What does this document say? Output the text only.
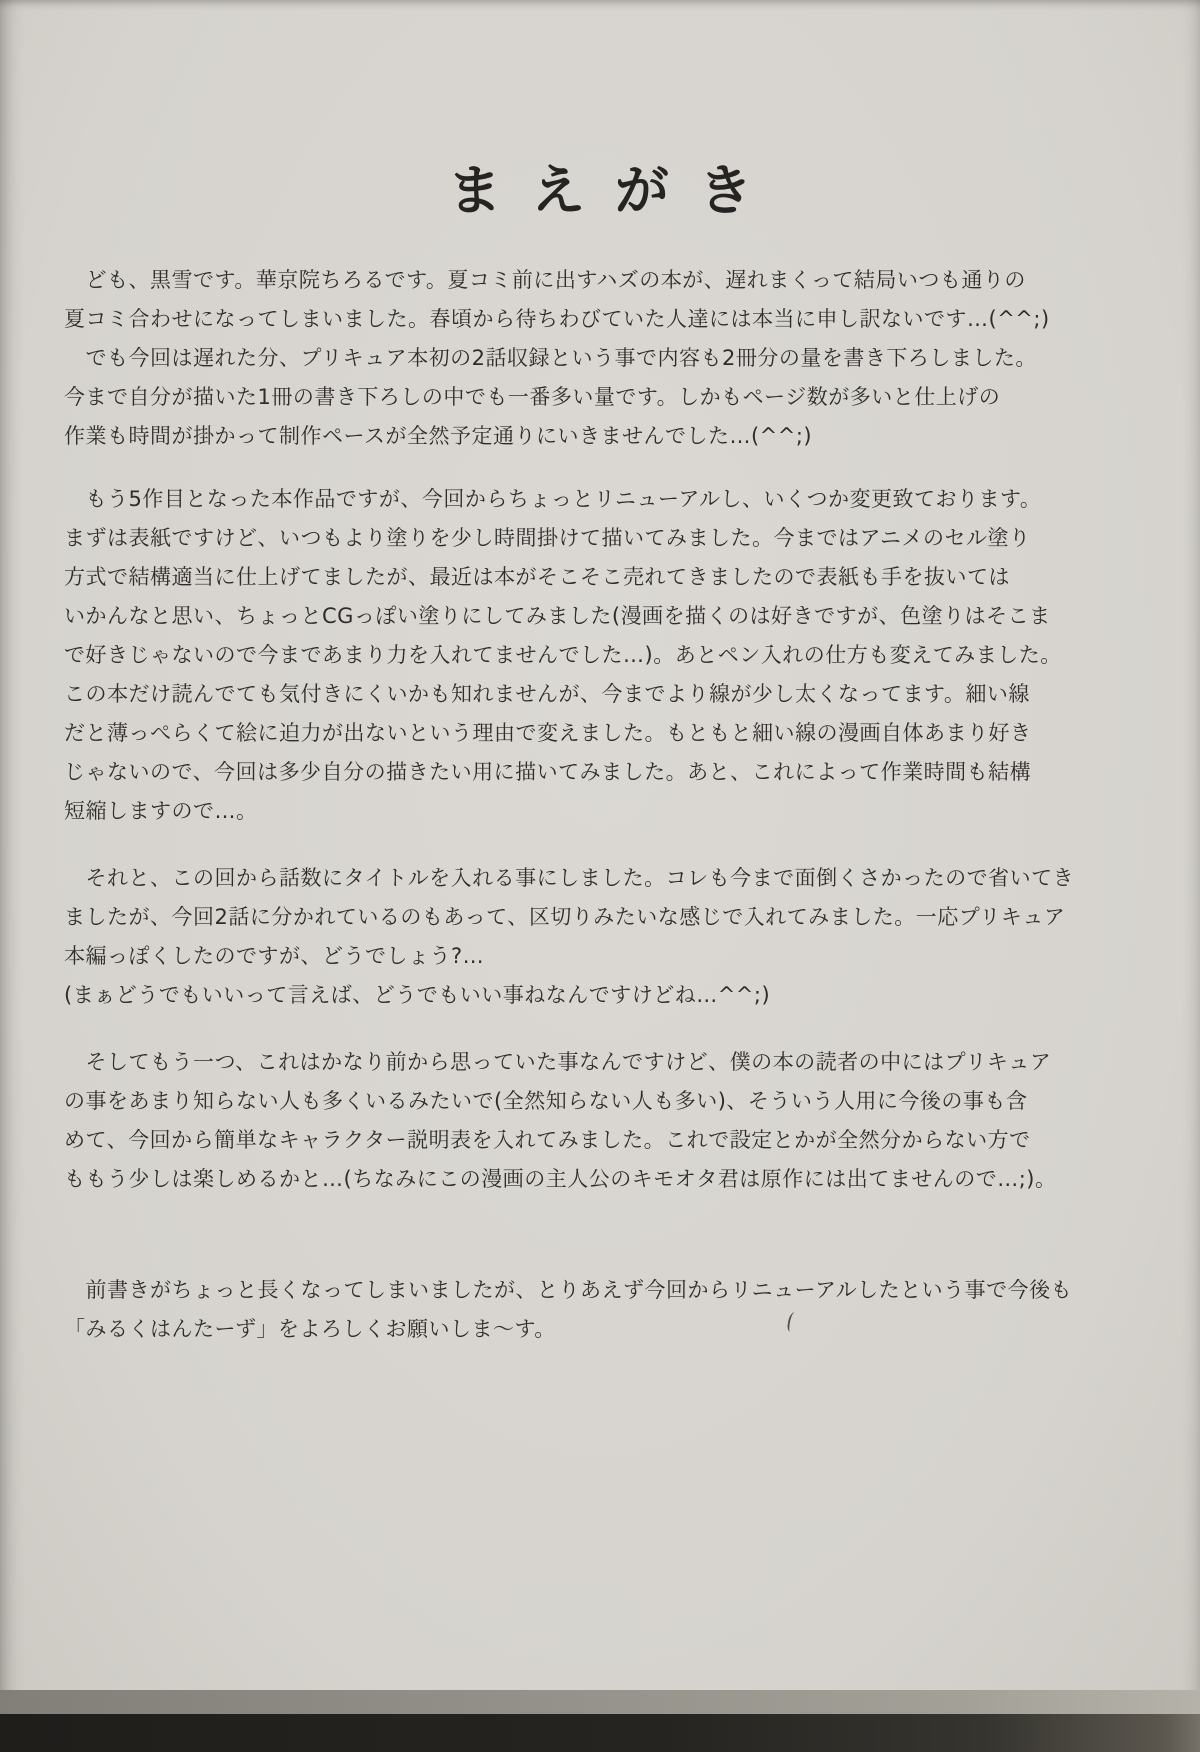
まえがき

　ども、黒雪です。華京院ちろるです。夏コミ前に出すハズの本が、遅れまくって結局いつも通りの
夏コミ合わせになってしまいました。春頃から待ちわびていた人達には本当に申し訳ないです…(^^;)
　でも今回は遅れた分、プリキュア本初の2話収録という事で内容も2冊分の量を書き下ろしました。
今まで自分が描いた1冊の書き下ろしの中でも一番多い量です。しかもページ数が多いと仕上げの
作業も時間が掛かって制作ペースが全然予定通りにいきませんでした…(^^;)

　もう5作目となった本作品ですが、今回からちょっとリニューアルし、いくつか変更致ております。
まずは表紙ですけど、いつもより塗りを少し時間掛けて描いてみました。今まではアニメのセル塗り
方式で結構適当に仕上げてましたが、最近は本がそこそこ売れてきましたので表紙も手を抜いては
いかんなと思い、ちょっとCGっぽい塗りにしてみました(漫画を描くのは好きですが、色塗りはそこま
で好きじゃないので今まであまり力を入れてませんでした…)。あとペン入れの仕方も変えてみました。
この本だけ読んでても気付きにくいかも知れませんが、今までより線が少し太くなってます。細い線
だと薄っぺらくて絵に迫力が出ないという理由で変えました。もともと細い線の漫画自体あまり好き
じゃないので、今回は多少自分の描きたい用に描いてみました。あと、これによって作業時間も結構
短縮しますので…。

　それと、この回から話数にタイトルを入れる事にしました。コレも今まで面倒くさかったので省いてき
ましたが、今回2話に分かれているのもあって、区切りみたいな感じで入れてみました。一応プリキュア
本編っぽくしたのですが、どうでしょう?…
(まぁどうでもいいって言えば、どうでもいい事ねなんですけどね…^^;)

　そしてもう一つ、これはかなり前から思っていた事なんですけど、僕の本の読者の中にはプリキュア
の事をあまり知らない人も多くいるみたいで(全然知らない人も多い)、そういう人用に今後の事も含
めて、今回から簡単なキャラクター説明表を入れてみました。これで設定とかが全然分からない方で
ももう少しは楽しめるかと…(ちなみにこの漫画の主人公のキモオタ君は原作には出てませんので…;)。

　前書きがちょっと長くなってしまいましたが、とりあえず今回からリニューアルしたという事で今後も
「みるくはんたーず」をよろしくお願いしま〜す。
